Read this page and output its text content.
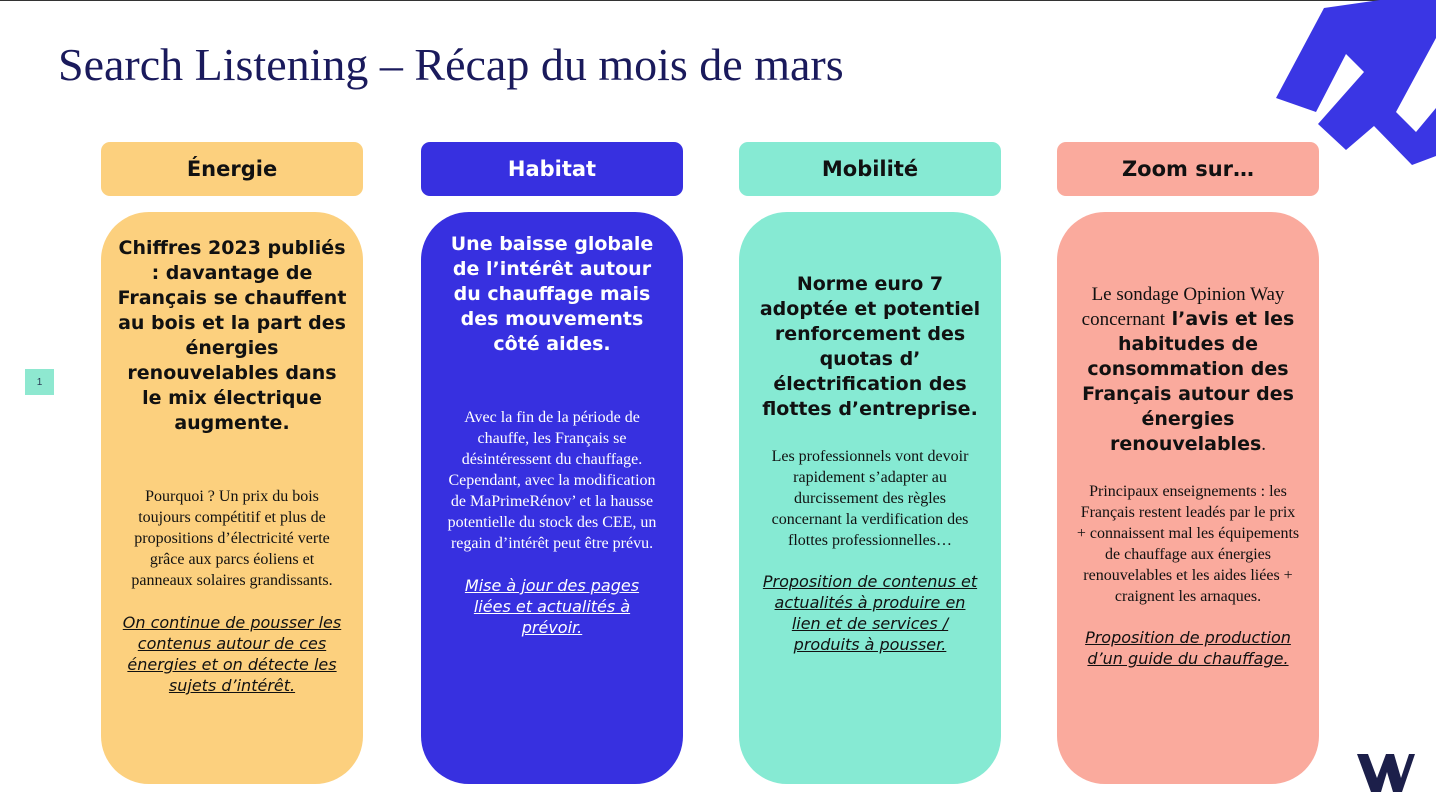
Search Listening – Récap du mois de mars
1
Énergie
Chiffres 2023 publiés : davantage de Français se chauffent au bois et la part des énergies renouvelables dans le mix électrique augmente.
Pourquoi ? Un prix du bois toujours compétitif et plus de propositions d’électricité verte grâce aux parcs éoliens et panneaux solaires grandissants.
On continue de pousser les contenus autour de ces énergies et on détecte les sujets d’intérêt.
Habitat
Une baisse globale de l’intérêt autour du chauffage mais des mouvements côté aides.
Avec la fin de la période de chauffe, les Français se désintéressent du chauffage. Cependant, avec la modification de MaPrimeRénov’ et la hausse potentielle du stock des CEE, un regain d’intérêt peut être prévu.
Mise à jour des pages liées et actualités à prévoir.
Mobilité
Norme euro 7 adoptée et potentiel renforcement des quotas d’ électrification des flottes d’entreprise.
Les professionnels vont devoir rapidement s’adapter au durcissement des règles concernant la verdification des flottes professionnelles…
Proposition de contenus et actualités à produire en lien et de services / produits à pousser.
Zoom sur…
Le sondage Opinion Way concernant l’avis et les habitudes de consommation des Français autour des énergies renouvelables.
Principaux enseignements : les Français restent leadés par le prix + connaissent mal les équipements de chauffage aux énergies renouvelables et les aides liées + craignent les arnaques.
Proposition de production d’un guide du chauffage.
